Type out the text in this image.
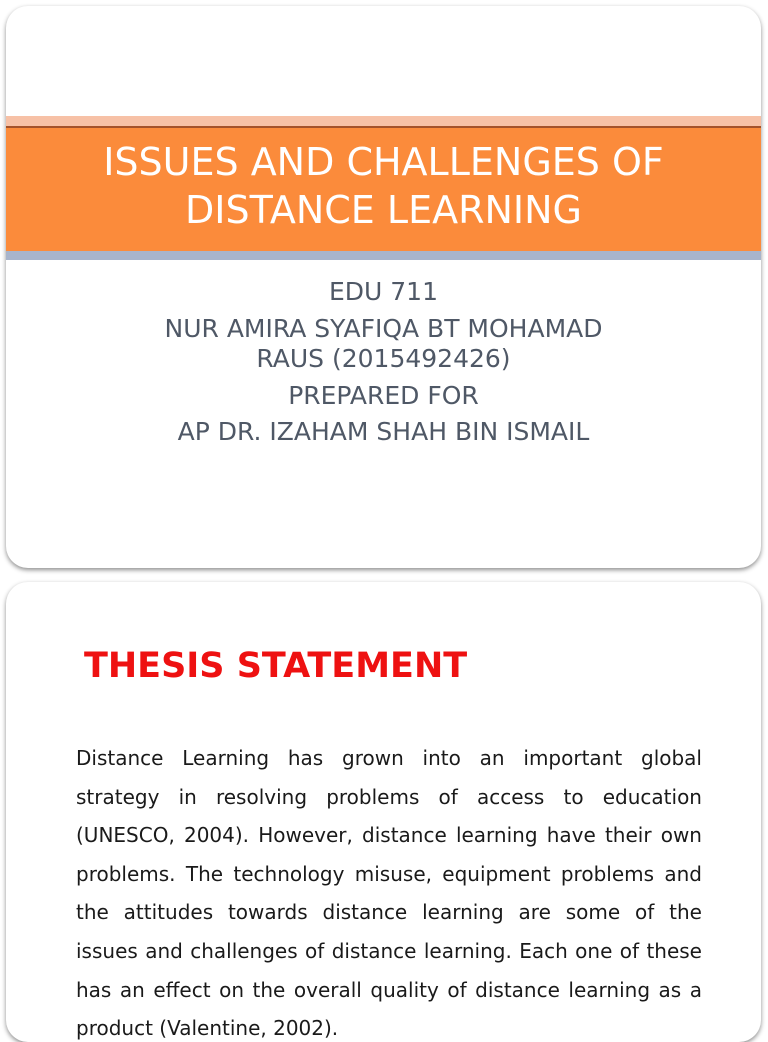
ISSUES AND CHALLENGES OF
DISTANCE LEARNING
EDU 711
NUR AMIRA SYAFIQA BT MOHAMAD
RAUS (2015492426)
PREPARED FOR
AP DR. IZAHAM SHAH BIN ISMAIL
THESIS STATEMENT

Distance Learning has grown into an important global strategy in resolving problems of access to education (UNESCO, 2004). However, distance learning have their own problems. The technology misuse, equipment problems and the attitudes towards distance learning are some of the issues and challenges of distance learning. Each one of these has an effect on the overall quality of distance learning as a product (Valentine, 2002).
